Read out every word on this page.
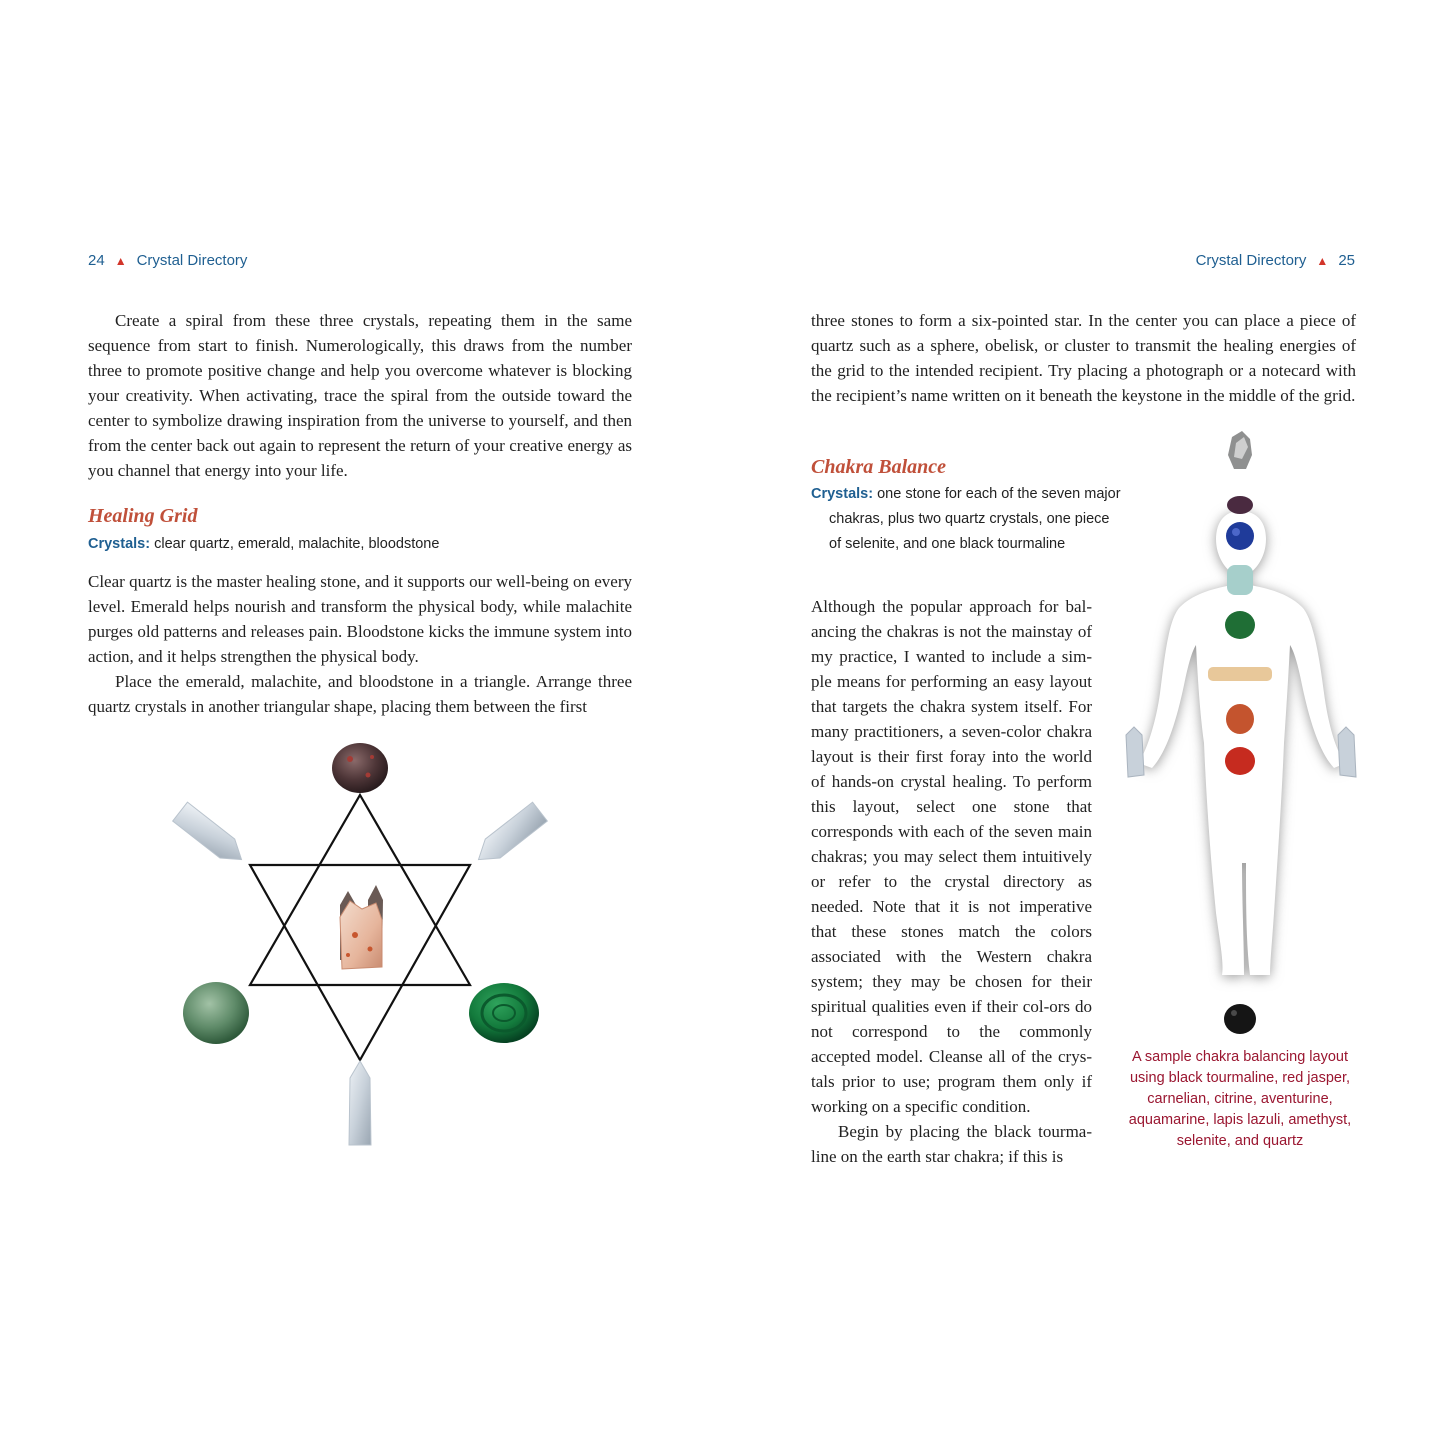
24 ▲ Crystal Directory

Create a spiral from these three crystals, repeating them in the same sequence from start to finish. Numerologically, this draws from the number three to promote positive change and help you overcome whatever is blocking your creativity. When activating, trace the spiral from the outside toward the center to symbolize drawing inspiration from the universe to yourself, and then from the center back out again to represent the return of your creative energy as you channel that energy into your life.

Healing Grid
Crystals: clear quartz, emerald, malachite, bloodstone

Clear quartz is the master healing stone, and it supports our well-being on every level. Emerald helps nourish and transform the physical body, while malachite purges old patterns and releases pain. Bloodstone kicks the immune system into action, and it helps strengthen the physical body.

Place the emerald, malachite, and bloodstone in a triangle. Arrange three quartz crystals in another triangular shape, placing them between the first

Crystal Directory ▲ 25

three stones to form a six-pointed star. In the center you can place a piece of quartz such as a sphere, obelisk, or cluster to transmit the healing energies of the grid to the intended recipient. Try placing a photograph or a notecard with the recipient’s name written on it beneath the keystone in the middle of the grid.

Chakra Balance
Crystals: one stone for each of the seven major chakras, plus two quartz crystals, one piece of selenite, and one black tourmaline

Although the popular approach for bal-ancing the chakras is not the mainstay of my practice, I wanted to include a sim-ple means for performing an easy layout that targets the chakra system itself. For many practitioners, a seven-color chakra layout is their first foray into the world of hands-on crystal healing. To perform this layout, select one stone that corresponds with each of the seven main chakras; you may select them intuitively or refer to the crystal directory as needed. Note that it is not imperative that these stones match the colors associated with the Western chakra system; they may be chosen for their spiritual qualities even if their col-ors do not correspond to the commonly accepted model. Cleanse all of the crys-tals prior to use; program them only if working on a specific condition.

Begin by placing the black tourma-line on the earth star chakra; if this is

A sample chakra balancing layout using black tourmaline, red jasper, carnelian, citrine, aventurine, aquamarine, lapis lazuli, amethyst, selenite, and quartz
